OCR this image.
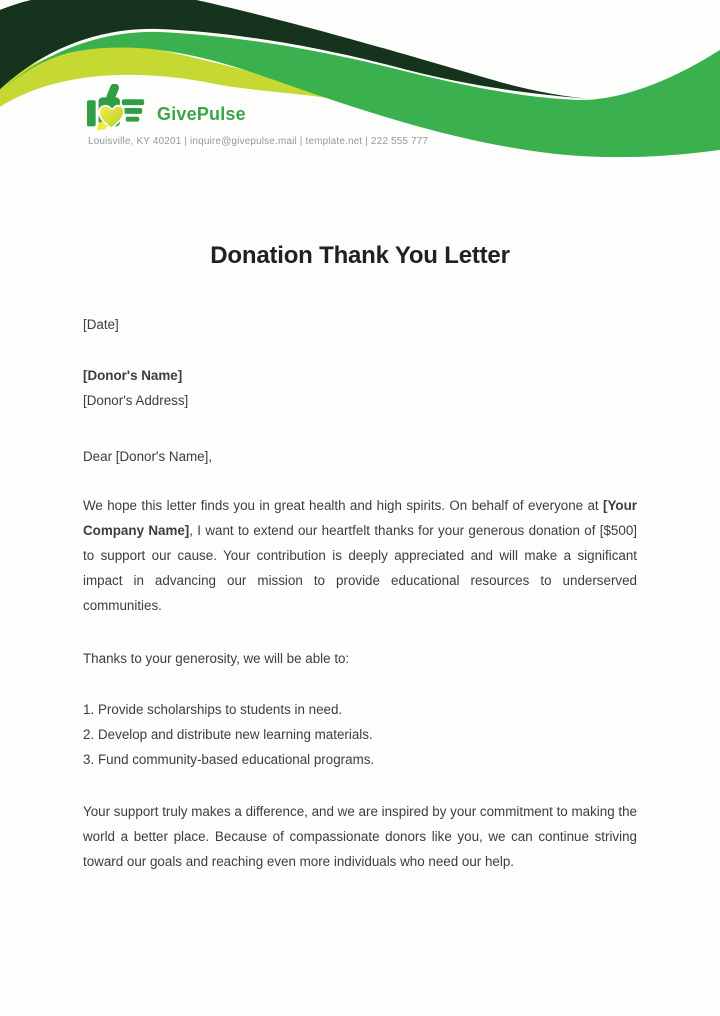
GivePulse
Louisville, KY 40201 | inquire@givepulse.mail | template.net | 222 555 777
Donation Thank You Letter
[Date]
[Donor's Name]
[Donor's Address]
Dear [Donor's Name],
We hope this letter finds you in great health and high spirits. On behalf of everyone at [Your Company Name], I want to extend our heartfelt thanks for your generous donation of [$500] to support our cause. Your contribution is deeply appreciated and will make a significant impact in advancing our mission to provide educational resources to underserved communities.
Thanks to your generosity, we will be able to:
1. Provide scholarships to students in need.
2. Develop and distribute new learning materials.
3. Fund community-based educational programs.
Your support truly makes a difference, and we are inspired by your commitment to making the world a better place. Because of compassionate donors like you, we can continue striving toward our goals and reaching even more individuals who need our help.
